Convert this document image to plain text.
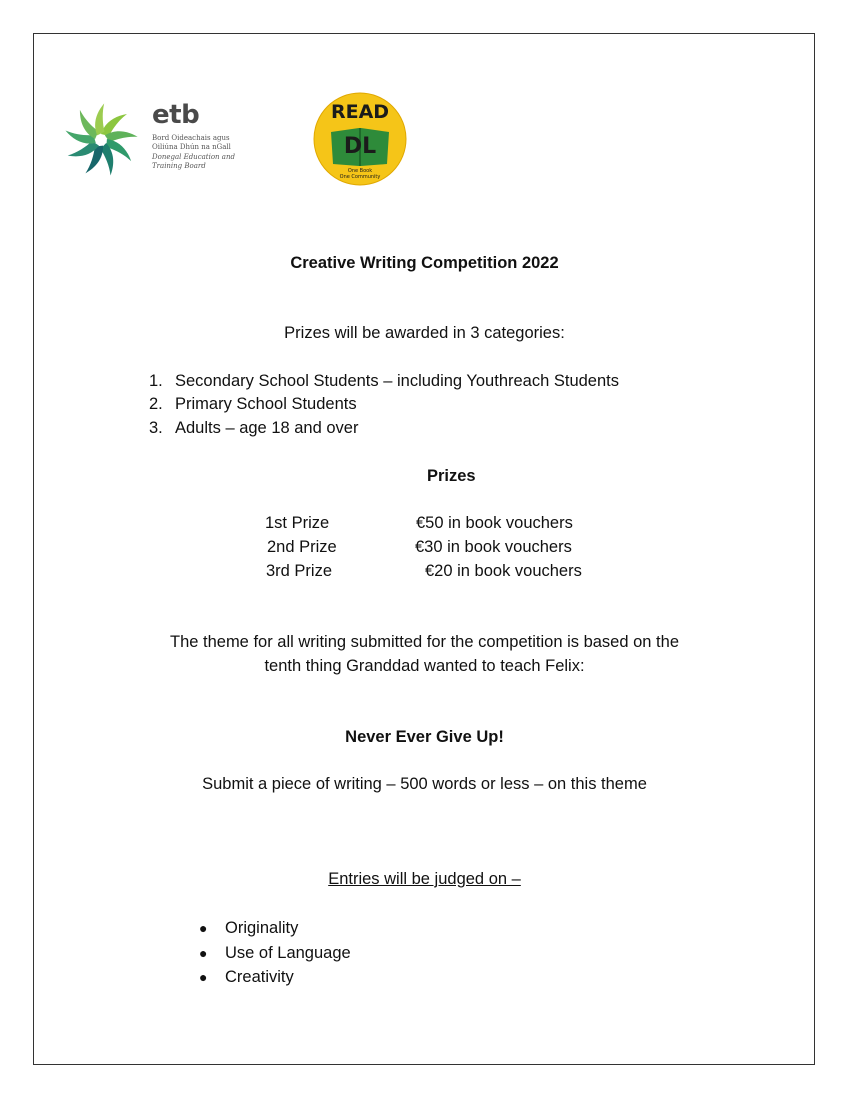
etb
Bord Oideachais agus
Oiliúna Dhún na nGall
Donegal Education and
Training Board
READ
DL
One Book
One Community
Creative Writing Competition 2022
Prizes will be awarded in 3 categories:
1. Secondary School Students – including Youthreach Students
2. Primary School Students
3. Adults – age 18 and over
Prizes
1st Prize	€50 in book vouchers
2nd Prize	€30 in book vouchers
3rd Prize	€20 in book vouchers
The theme for all writing submitted for the competition is based on the
tenth thing Granddad wanted to teach Felix:
Never Ever Give Up!
Submit a piece of writing – 500 words or less – on this theme
Entries will be judged on –
● Originality
● Use of Language
● Creativity
